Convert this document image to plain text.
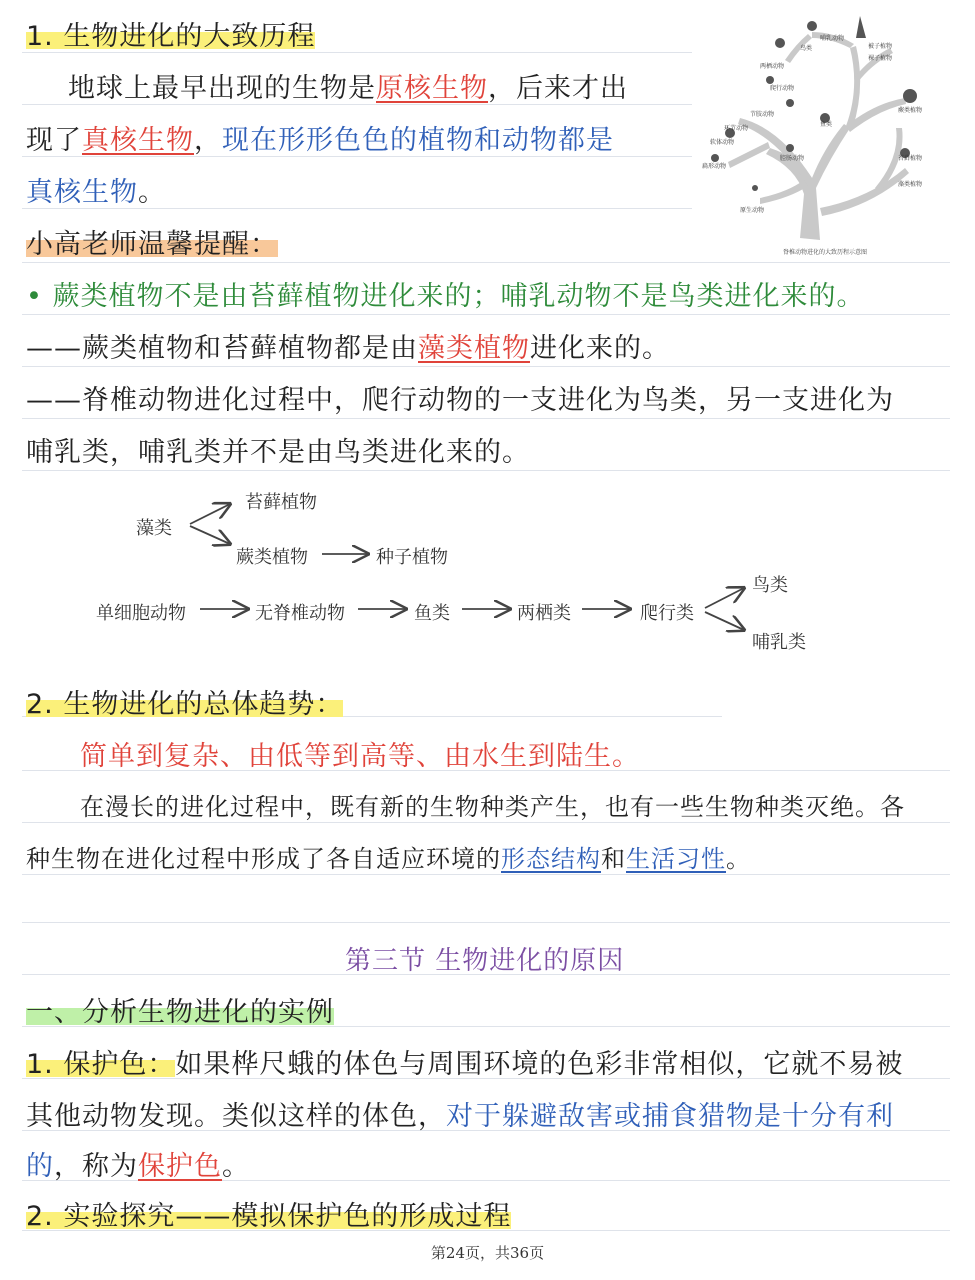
1. 生物进化的大致历程
地球上最早出现的生物是原核生物，后来才出
现了真核生物，现在形形色色的植物和动物都是
真核生物。
哺乳动物
被子植物
鸟类
裸子植物
两栖动物
爬行动物
鱼类
蕨类植物
节肢动物
软体动物
环节动物
腔肠动物	苔藓植物
原生动物
藻类植物
扁形动物
脊椎动物进化的大致历程示意图
小高老师温馨提醒：
• 蕨类植物不是由苔藓植物进化来的；哺乳动物不是鸟类进化来的。
——蕨类植物和苔藓植物都是由藻类植物进化来的。
——脊椎动物进化过程中，爬行动物的一支进化为鸟类，另一支进化为
哺乳类，哺乳类并不是由鸟类进化来的。
藻类
苔藓植物
蕨类植物	种子植物
单细胞动物	无脊椎动物	鱼类	两栖类	爬行类
鸟类
哺乳类
2. 生物进化的总体趋势：
简单到复杂、由低等到高等、由水生到陆生。
在漫长的进化过程中，既有新的生物种类产生，也有一些生物种类灭绝。各
种生物在进化过程中形成了各自适应环境的形态结构和生活习性。
第三节 生物进化的原因
一、分析生物进化的实例
1. 保护色：如果桦尺蛾的体色与周围环境的色彩非常相似，它就不易被
其他动物发现。类似这样的体色，对于躲避敌害或捕食猎物是十分有利
的，称为保护色。
2. 实验探究——模拟保护色的形成过程
第24页，共36页
